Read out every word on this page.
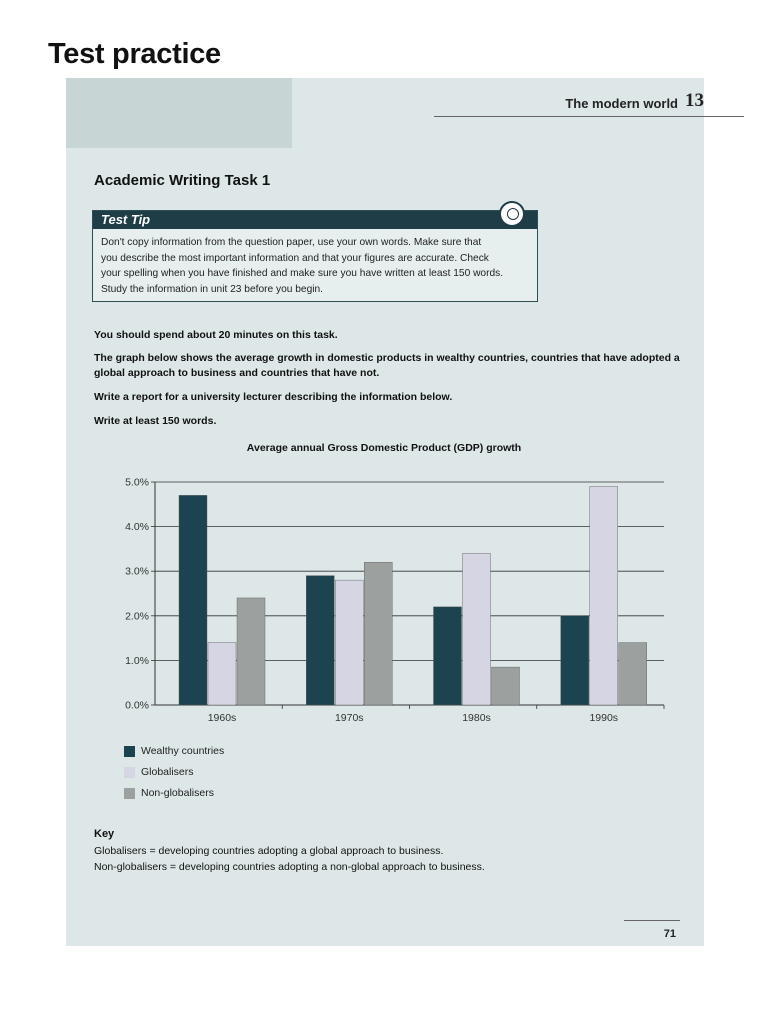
The modern world 13
Test practice
Academic Writing Task 1
Test Tip
Don't copy information from the question paper, use your own words. Make sure that
you describe the most important information and that your figures are accurate. Check
your spelling when you have finished and make sure you have written at least 150 words.
Study the information in unit 23 before you begin.
You should spend about 20 minutes on this task.
The graph below shows the average growth in domestic products in wealthy countries, countries that have adopted a global approach to business and countries that have not.
Write a report for a university lecturer describing the information below.
Write at least 150 words.
Average annual Gross Domestic Product (GDP) growth
0.0%
1.0%
2.0%
3.0%
4.0%
5.0%
1960s	1970s	1980s	1990s
Wealthy countries
Globalisers
Non-globalisers
Key
Globalisers = developing countries adopting a global approach to business.
Non-globalisers = developing countries adopting a non-global approach to business.
71
